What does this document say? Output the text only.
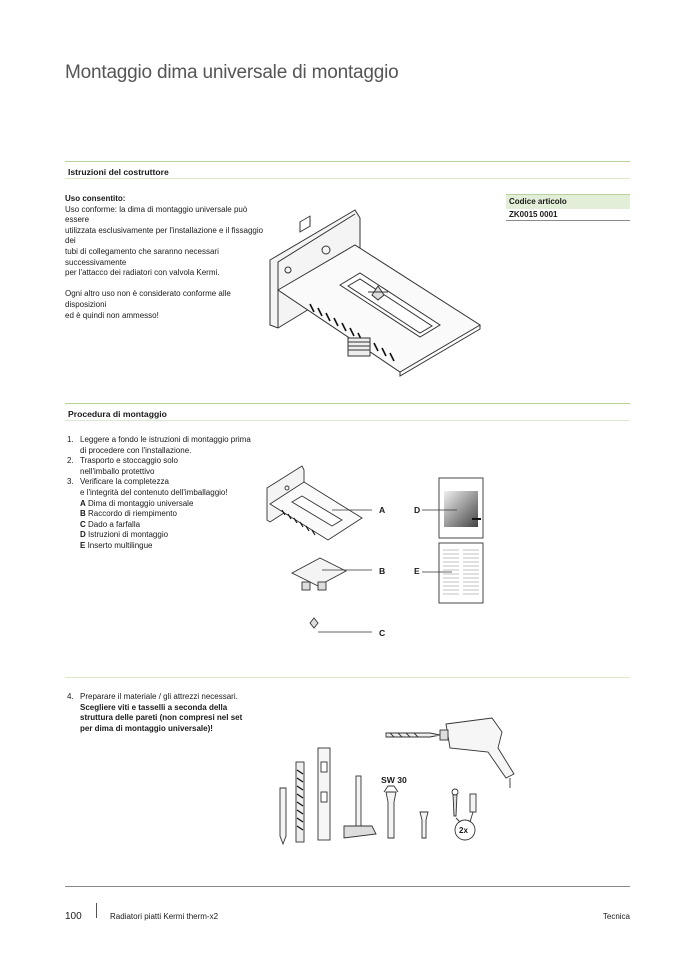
Montaggio dima universale di montaggio
Istruzioni del costruttore
Uso consentito:
Uso conforme: la dima di montaggio universale può essere
utilizzata esclusivamente per l'installazione e il fissaggio dei
tubi di collegamento che saranno necessari successivamente
per l'attacco dei radiatori con valvola Kermi.
Ogni altro uso non è considerato conforme alle disposizioni
ed è quindi non ammesso!
Codice articolo
ZK0015 0001
Procedura di montaggio
1. Leggere a fondo le istruzioni di montaggio prima
di procedere con l'installazione.
2. Trasporto e stoccaggio solo
nell'imballo protettivo
3. Verificare la completezza
e l'integrità del contenuto dell'imballaggio!
A Dima di montaggio universale
B Raccordo di riempimento
C Dado a farfalla
D Istruzioni di montaggio
E Inserto multilingue
A
B
C
D
E
4. Preparare il materiale / gli attrezzi necessari.
Scegliere viti e tasselli a seconda della
struttura delle pareti (non compresi nel set
per dima di montaggio universale)!
SW 30
2x
100	Radiatori piatti Kermi therm-x2	Tecnica
